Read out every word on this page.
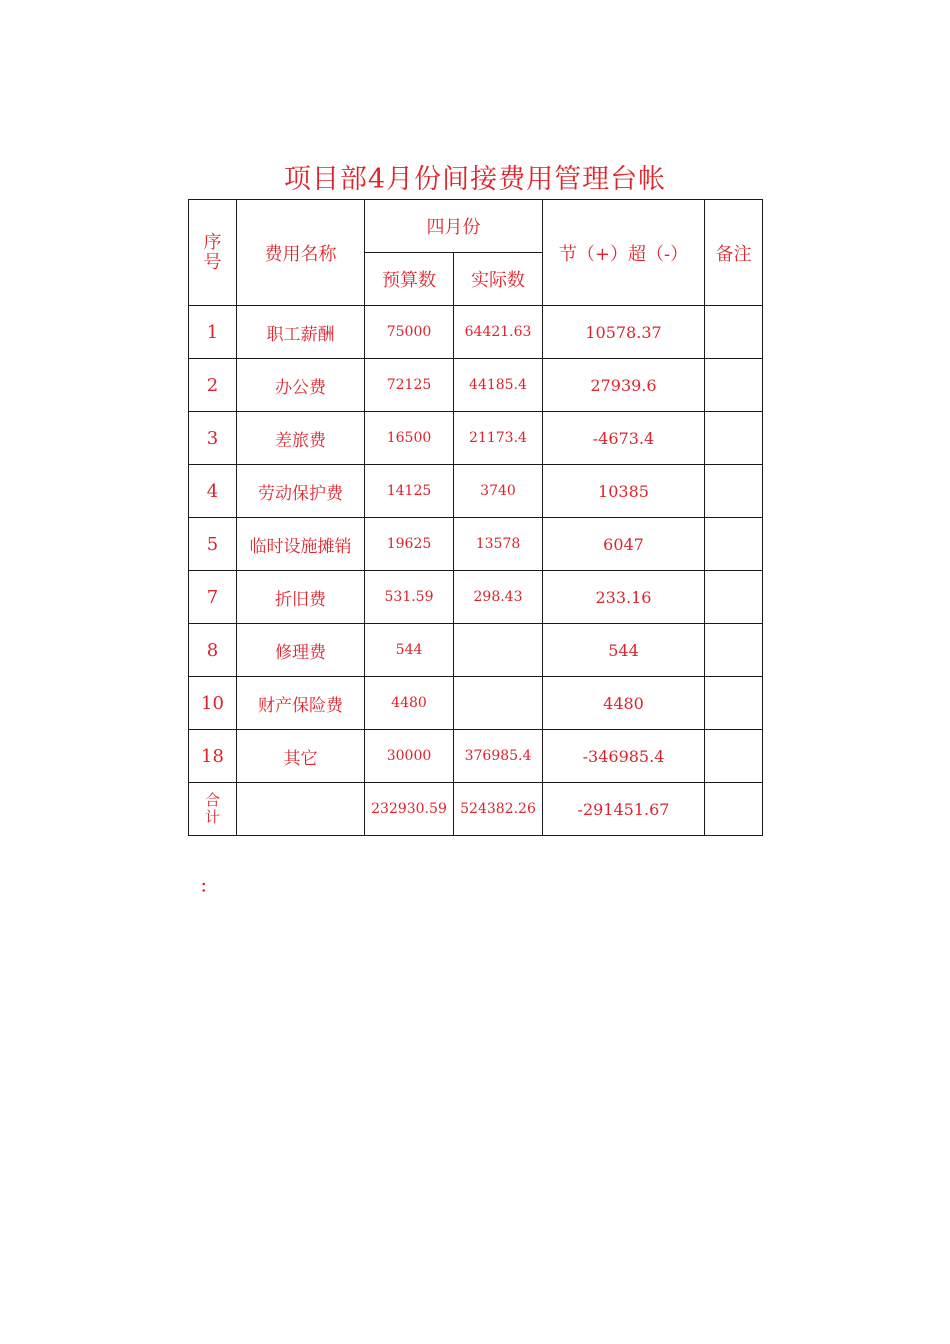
项目部4月份间接费用管理台帐
序
号	费用名称	四月份		节（+）超（-）	备注
		预算数	实际数		
1	职工薪酬	75000	64421.63	10578.37	
2	办公费	72125	44185.4	27939.6	
3	差旅费	16500	21173.4	-4673.4	
4	劳动保护费	14125	3740	10385	
5	临时设施摊销	19625	13578	6047	
7	折旧费	531.59	298.43	233.16	
8	修理费	544		544	
10	财产保险费	4480		4480	
18	其它	30000	376985.4	-346985.4	
合
计		232930.59	524382.26	-291451.67	
：
